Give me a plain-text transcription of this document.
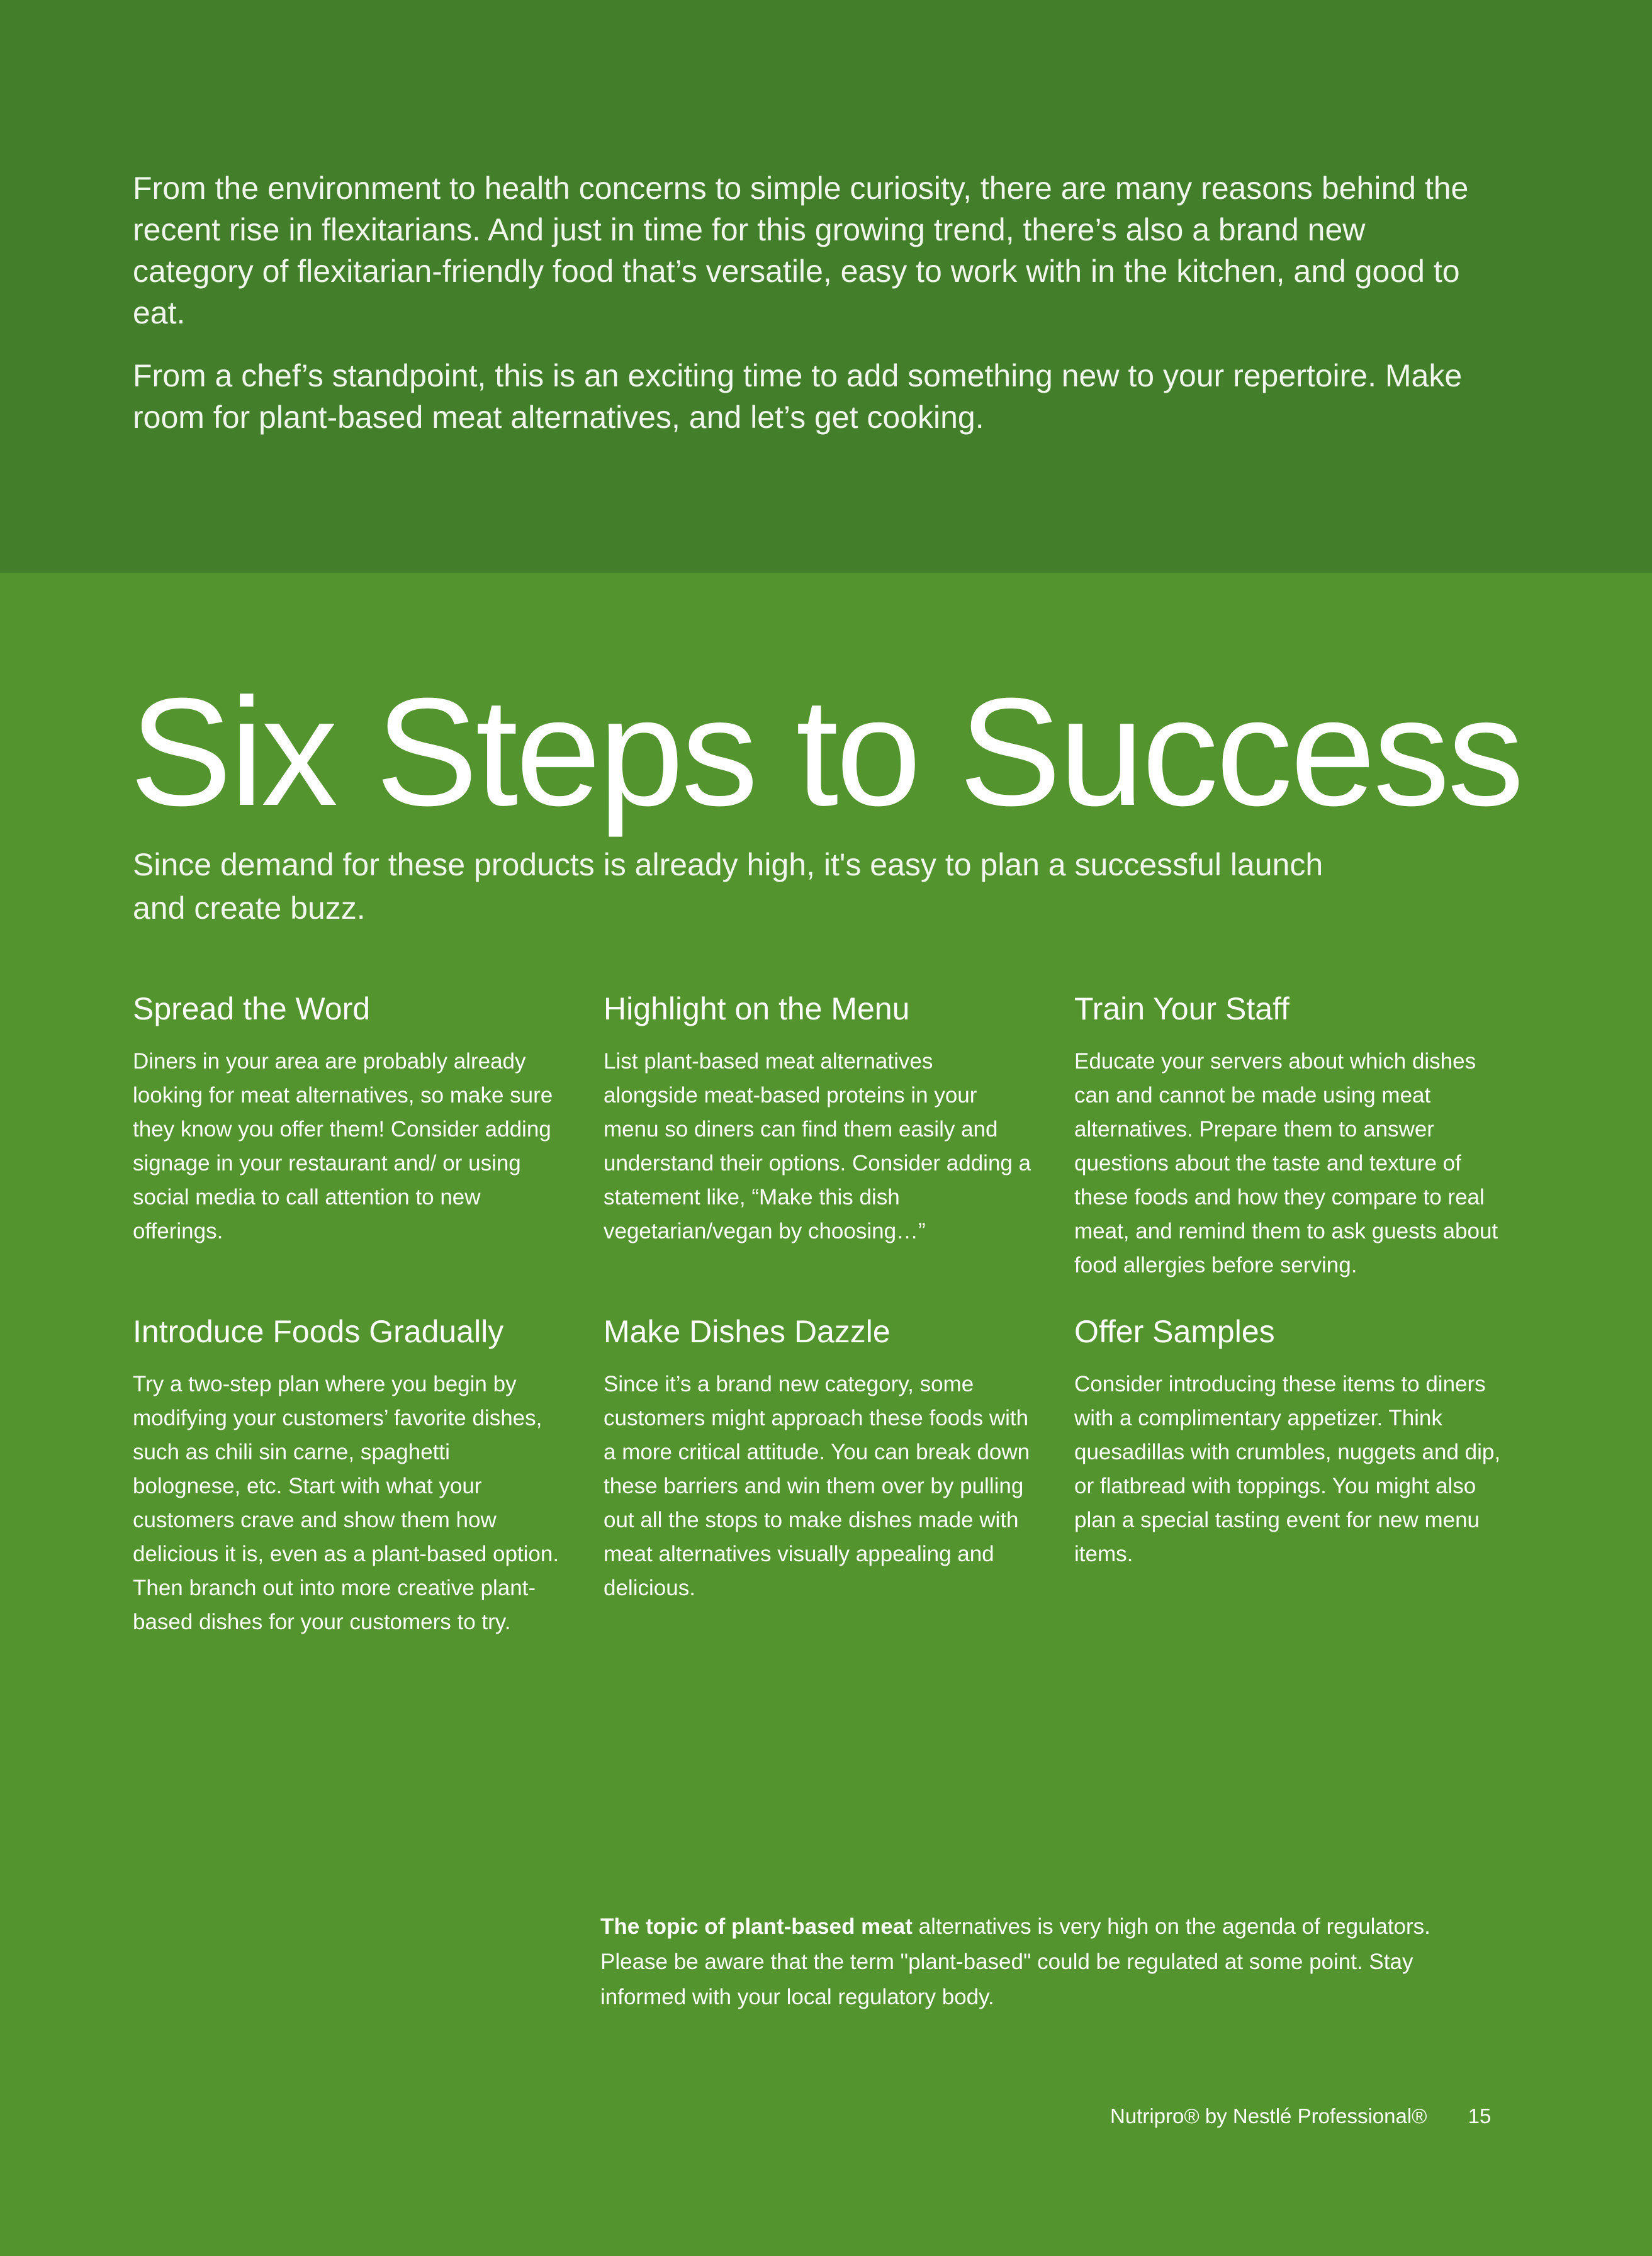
From the environment to health concerns to simple curiosity, there are many reasons behind the recent rise in flexitarians. And just in time for this growing trend, there’s also a brand new category of flexitarian-friendly food that’s versatile, easy to work with in the kitchen, and good to eat.

From a chef’s standpoint, this is an exciting time to add something new to your repertoire. Make room for plant-based meat alternatives, and let’s get cooking.

Six Steps to Success

Since demand for these products is already high, it's easy to plan a successful launch and create buzz.

Spread the Word

Diners in your area are probably already looking for meat alternatives, so make sure they know you offer them! Consider adding signage in your restaurant and/ or using social media to call attention to new offerings.

Highlight on the Menu

List plant-based meat alternatives alongside meat-based proteins in your menu so diners can find them easily and understand their options. Consider adding a statement like, “Make this dish vegetarian/vegan by choosing…”

Train Your Staff

Educate your servers about which dishes can and cannot be made using meat alternatives. Prepare them to answer questions about the taste and texture of these foods and how they compare to real meat, and remind them to ask guests about food allergies before serving.

Introduce Foods Gradually

Try a two-step plan where you begin by modifying your customers’ favorite dishes, such as chili sin carne, spaghetti bolognese, etc. Start with what your customers crave and show them how delicious it is, even as a plant-based option. Then branch out into more creative plant-based dishes for your customers to try.

Make Dishes Dazzle

Since it’s a brand new category, some customers might approach these foods with a more critical attitude. You can break down these barriers and win them over by pulling out all the stops to make dishes made with meat alternatives visually appealing and delicious.

Offer Samples

Consider introducing these items to diners with a complimentary appetizer. Think quesadillas with crumbles, nuggets and dip, or flatbread with toppings. You might also plan a special tasting event for new menu items.

The topic of plant-based meat alternatives is very high on the agenda of regulators. Please be aware that the term "plant-based" could be regulated at some point. Stay informed with your local regulatory body.

Nutripro® by Nestlé Professional® 15
